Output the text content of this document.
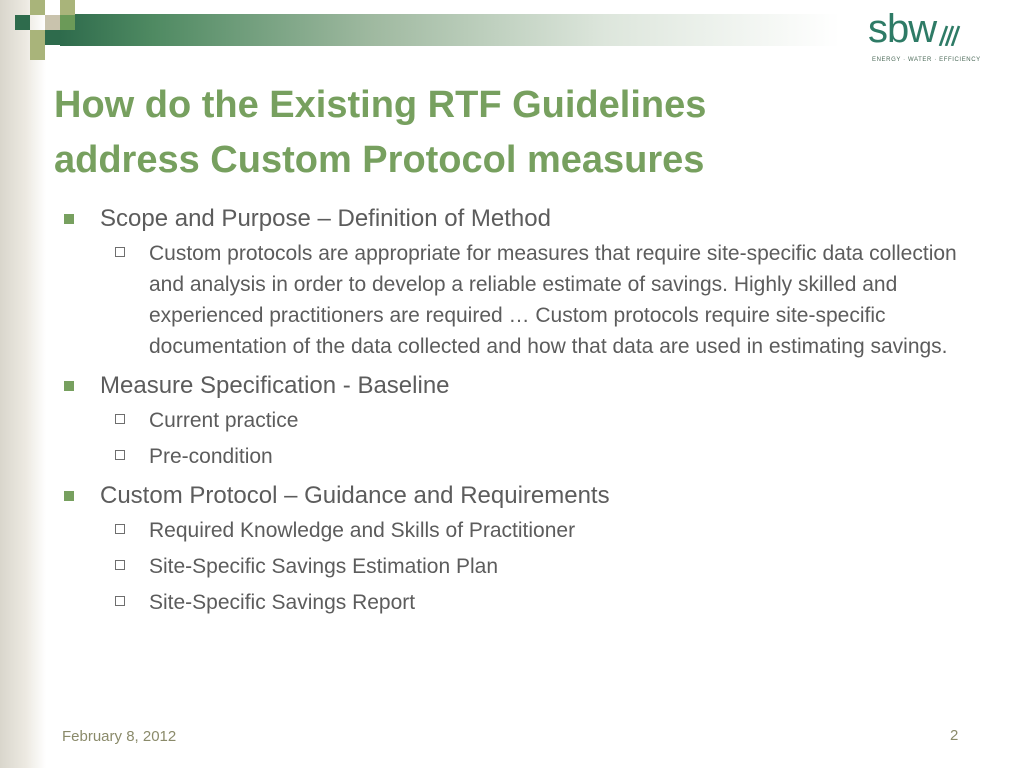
sbw
ENERGY · WATER · EFFICIENCY
How do the Existing RTF Guidelines
address Custom Protocol measures
Scope and Purpose – Definition of Method
Custom protocols are appropriate for measures that require site-specific data collection and analysis in order to develop a reliable estimate of savings. Highly skilled and experienced practitioners are required … Custom protocols require site-specific documentation of the data collected and how that data are used in estimating savings.
Measure Specification - Baseline
Current practice
Pre-condition
Custom Protocol – Guidance and Requirements
Required Knowledge and Skills of Practitioner
Site-Specific Savings Estimation Plan
Site-Specific Savings Report
February 8, 2012	2
